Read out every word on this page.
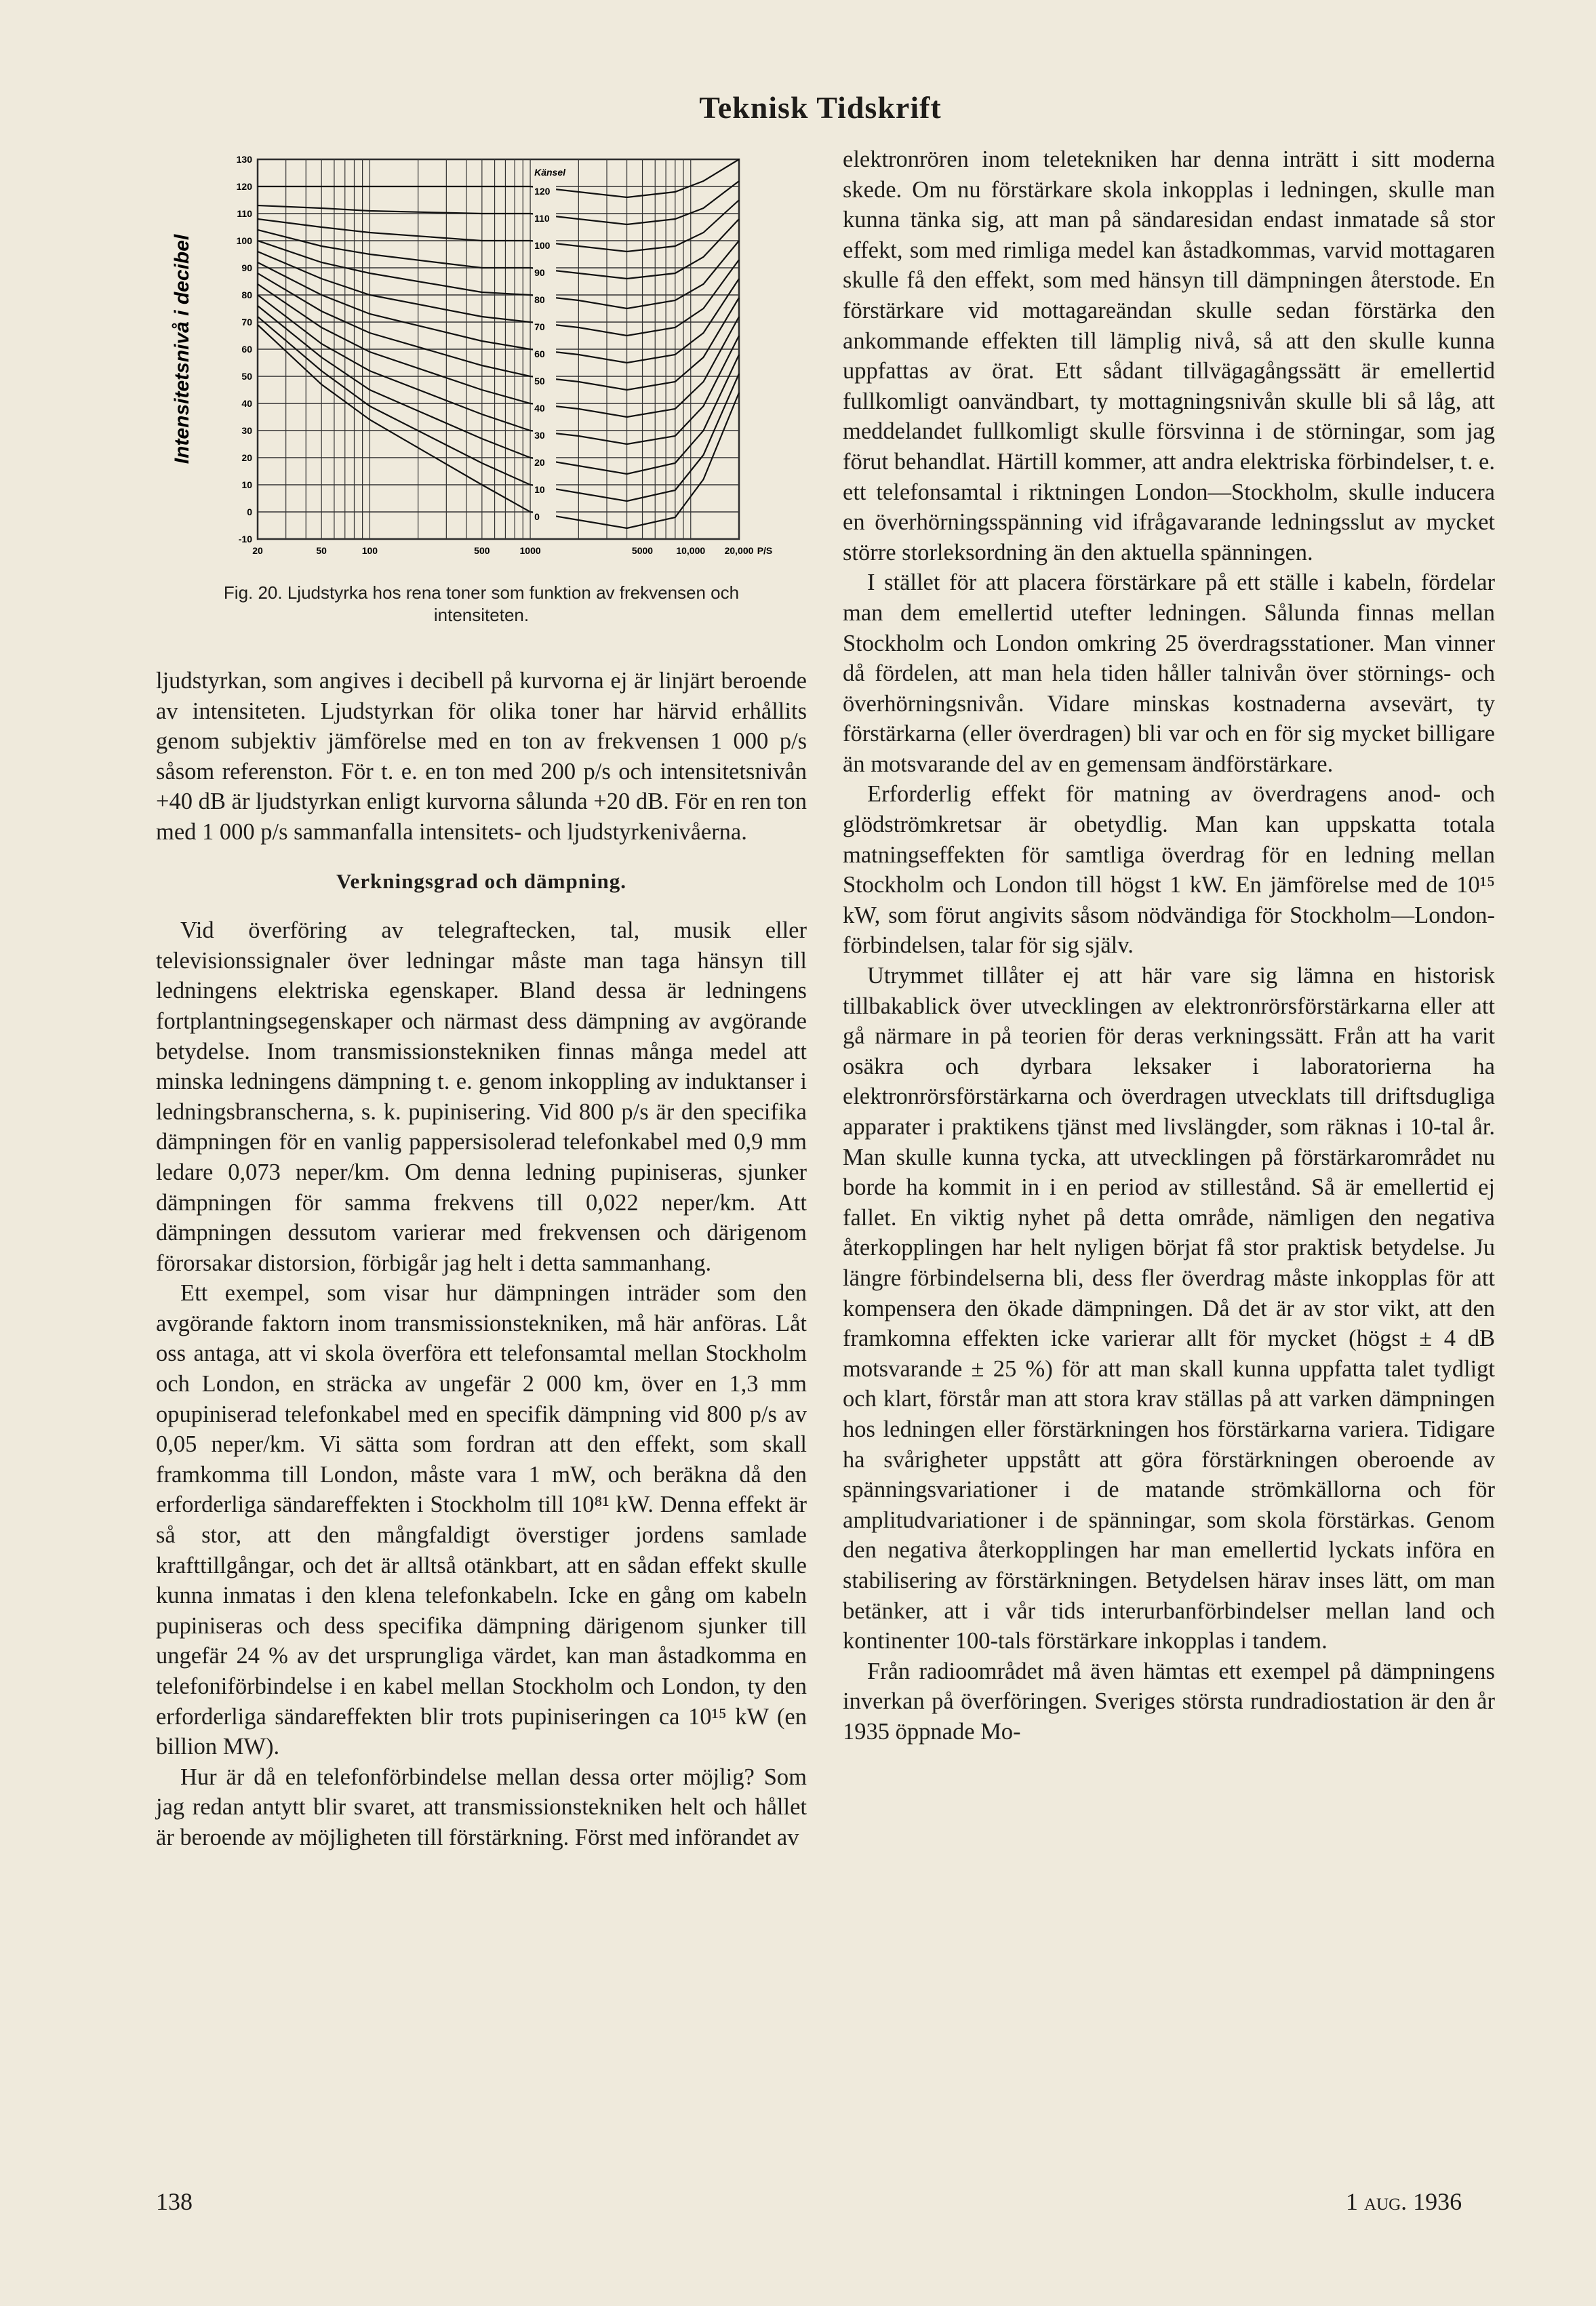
Teknisk Tidskrift
130
120
110
100
90
80
70
60
50
40
30
20
10
0
-10
20	50	100	500	1000	5000 10,000 20,000 P/S
Intensitetsnivå i decibel
Känsel
120
110
100
90
80
70
60
50
40
30
20
10
0
Fig. 20. Ljudstyrka hos rena toner som funktion av frekvensen och intensiteten.

ljudstyrkan, som angives i decibell på kurvorna ej är linjärt beroende av intensiteten. Ljudstyrkan för olika toner har härvid erhållits genom subjektiv jämförelse med en ton av frekvensen 1 000 p/s såsom referenston. För t. e. en ton med 200 p/s och intensitetsnivån +40 dB är ljudstyrkan enligt kurvorna sålunda +20 dB. För en ren ton med 1 000 p/s sammanfalla intensitets- och ljudstyrkenivåerna.

Verkningsgrad och dämpning.

Vid överföring av telegraftecken, tal, musik eller televisionssignaler över ledningar måste man taga hänsyn till ledningens elektriska egenskaper. Bland dessa är ledningens fortplantningsegenskaper och närmast dess dämpning av avgörande betydelse. Inom transmissionstekniken finnas många medel att minska ledningens dämpning t. e. genom inkoppling av induktanser i ledningsbranscherna, s. k. pupinisering. Vid 800 p/s är den specifika dämpningen för en vanlig pappersisolerad telefonkabel med 0,9 mm ledare 0,073 neper/km. Om denna ledning pupiniseras, sjunker dämpningen för samma frekvens till 0,022 neper/km. Att dämpningen dessutom varierar med frekvensen och därigenom förorsakar distorsion, förbigår jag helt i detta sammanhang.

Ett exempel, som visar hur dämpningen inträder som den avgörande faktorn inom transmissionstekniken, må här anföras. Låt oss antaga, att vi skola överföra ett telefonsamtal mellan Stockholm och London, en sträcka av ungefär 2 000 km, över en 1,3 mm opupiniserad telefonkabel med en specifik dämpning vid 800 p/s av 0,05 neper/km. Vi sätta som fordran att den effekt, som skall framkomma till London, måste vara 1 mW, och beräkna då den erforderliga sändareffekten i Stockholm till 10⁸¹ kW. Denna effekt är så stor, att den mångfaldigt överstiger jordens samlade krafttillgångar, och det är alltså otänkbart, att en sådan effekt skulle kunna inmatas i den klena telefonkabeln. Icke en gång om kabeln pupiniseras och dess specifika dämpning därigenom sjunker till ungefär 24 % av det ursprungliga värdet, kan man åstadkomma en telefoniförbindelse i en kabel mellan Stockholm och London, ty den erforderliga sändareffekten blir trots pupiniseringen ca 10¹⁵ kW (en billion MW).

Hur är då en telefonförbindelse mellan dessa orter möjlig? Som jag redan antytt blir svaret, att transmissionstekniken helt och hållet är beroende av möjligheten till förstärkning. Först med införandet av

elektronrören inom teletekniken har denna inträtt i sitt moderna skede. Om nu förstärkare skola inkopplas i ledningen, skulle man kunna tänka sig, att man på sändaresidan endast inmatade så stor effekt, som med rimliga medel kan åstadkommas, varvid mottagaren skulle få den effekt, som med hänsyn till dämpningen återstode. En förstärkare vid mottagareändan skulle sedan förstärka den ankommande effekten till lämplig nivå, så att den skulle kunna uppfattas av örat. Ett sådant tillvägagångssätt är emellertid fullkomligt oanvändbart, ty mottagningsnivån skulle bli så låg, att meddelandet fullkomligt skulle försvinna i de störningar, som jag förut behandlat. Härtill kommer, att andra elektriska förbindelser, t. e. ett telefonsamtal i riktningen London—Stockholm, skulle inducera en överhörningsspänning vid ifrågavarande ledningsslut av mycket större storleksordning än den aktuella spänningen.

I stället för att placera förstärkare på ett ställe i kabeln, fördelar man dem emellertid utefter ledningen. Sålunda finnas mellan Stockholm och London omkring 25 överdragsstationer. Man vinner då fördelen, att man hela tiden håller talnivån över störnings- och överhörningsnivån. Vidare minskas kostnaderna avsevärt, ty förstärkarna (eller överdragen) bli var och en för sig mycket billigare än motsvarande del av en gemensam ändförstärkare.

Erforderlig effekt för matning av överdragens anod- och glödströmkretsar är obetydlig. Man kan uppskatta totala matningseffekten för samtliga överdrag för en ledning mellan Stockholm och London till högst 1 kW. En jämförelse med de 10¹⁵ kW, som förut angivits såsom nödvändiga för Stockholm—London-förbindelsen, talar för sig själv.

Utrymmet tillåter ej att här vare sig lämna en historisk tillbakablick över utvecklingen av elektronrörsförstärkarna eller att gå närmare in på teorien för deras verkningssätt. Från att ha varit osäkra och dyrbara leksaker i laboratorierna ha elektronrörsförstärkarna och överdragen utvecklats till driftsdugliga apparater i praktikens tjänst med livslängder, som räknas i 10-tal år. Man skulle kunna tycka, att utvecklingen på förstärkarområdet nu borde ha kommit in i en period av stillestånd. Så är emellertid ej fallet. En viktig nyhet på detta område, nämligen den negativa återkopplingen har helt nyligen börjat få stor praktisk betydelse. Ju längre förbindelserna bli, dess fler överdrag måste inkopplas för att kompensera den ökade dämpningen. Då det är av stor vikt, att den framkomna effekten icke varierar allt för mycket (högst ± 4 dB motsvarande ± 25 %) för att man skall kunna uppfatta talet tydligt och klart, förstår man att stora krav ställas på att varken dämpningen hos ledningen eller förstärkningen hos förstärkarna variera. Tidigare ha svårigheter uppstått att göra förstärkningen oberoende av spänningsvariationer i de matande strömkällorna och för amplitudvariationer i de spänningar, som skola förstärkas. Genom den negativa återkopplingen har man emellertid lyckats införa en stabilisering av förstärkningen. Betydelsen härav inses lätt, om man betänker, att i vår tids interurbanförbindelser mellan land och kontinenter 100-tals förstärkare inkopplas i tandem.

Från radioområdet må även hämtas ett exempel på dämpningens inverkan på överföringen. Sveriges största rundradiostation är den år 1935 öppnade Mo-

138	1 aug. 1936
